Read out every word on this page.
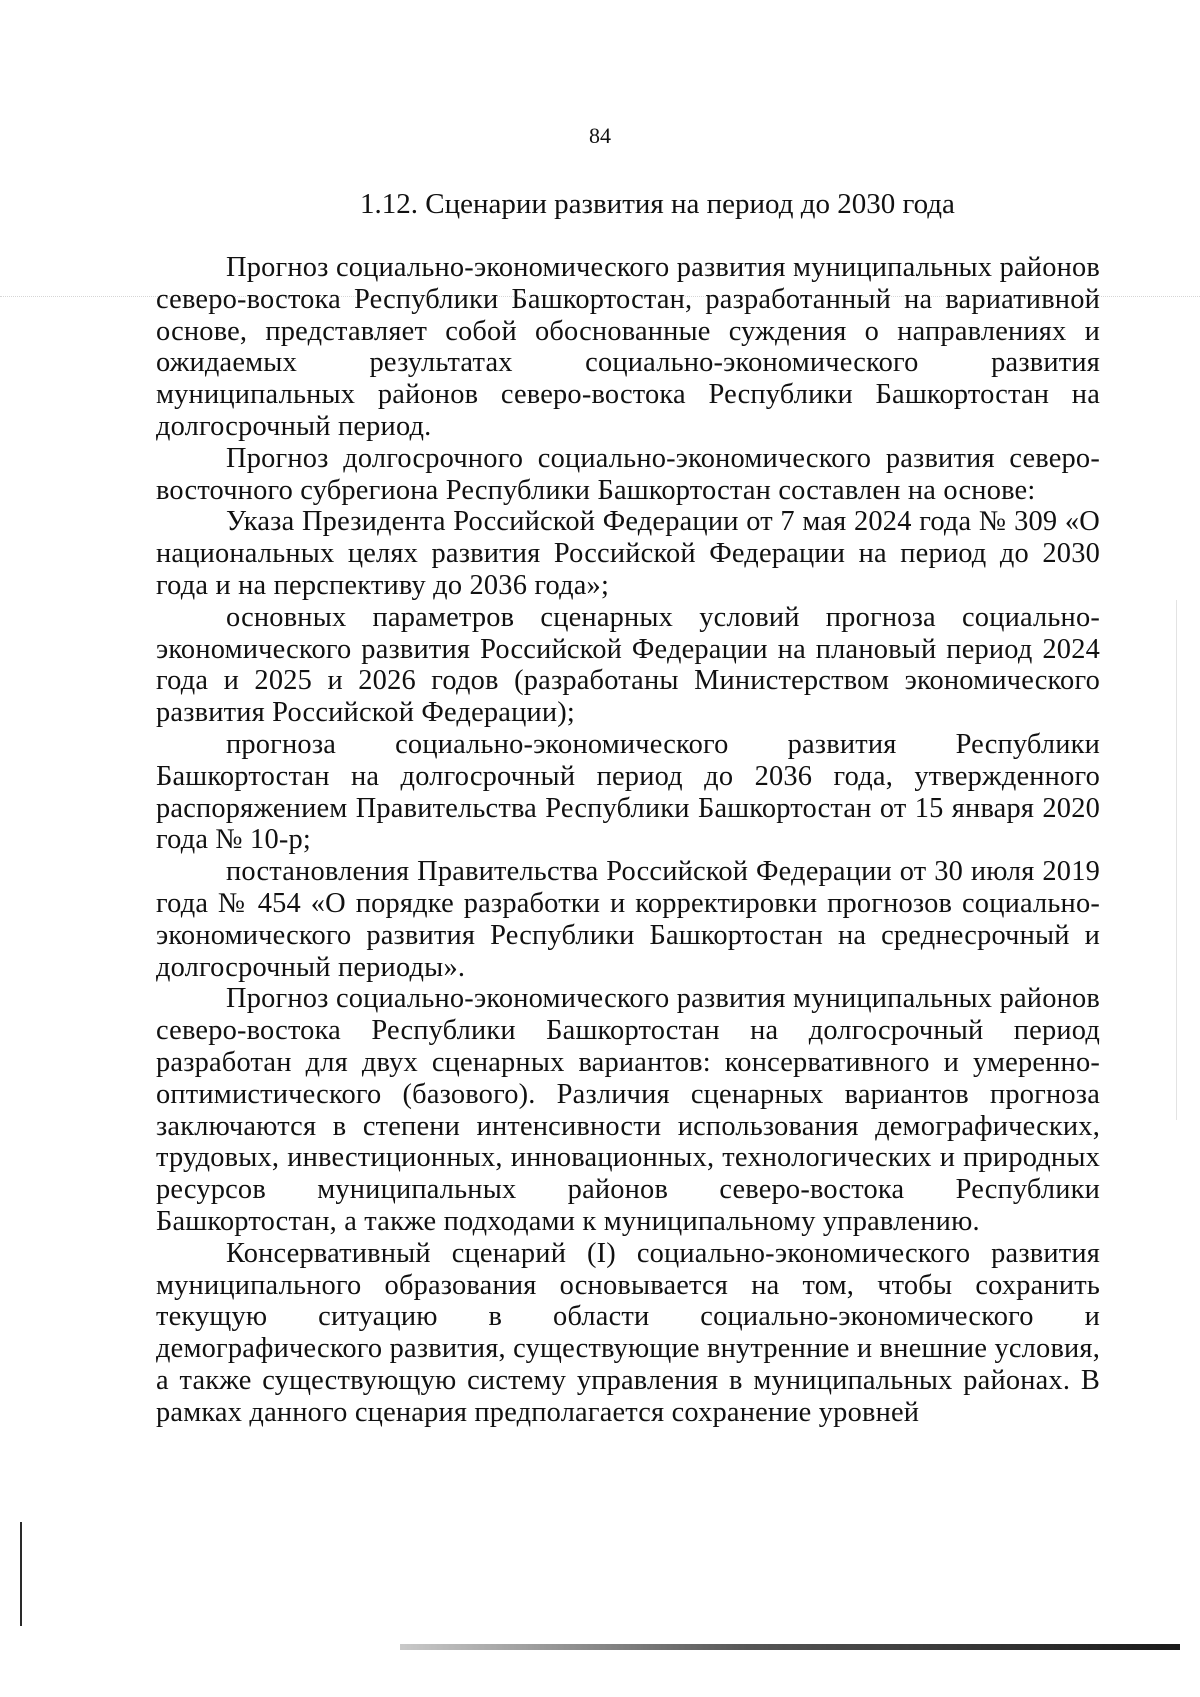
84
1.12. Сценарии развития на период до 2030 года

Прогноз социально-экономического развития муниципальных районов северо-востока Республики Башкортостан, разработанный на вариативной основе, представляет собой обоснованные суждения о направлениях и ожидаемых результатах социально-экономического развития муниципальных районов северо-востока Республики Башкортостан на долгосрочный период.

Прогноз долгосрочного социально-экономического развития северо-восточного субрегиона Республики Башкортостан составлен на основе:

Указа Президента Российской Федерации от 7 мая 2024 года № 309 «О национальных целях развития Российской Федерации на период до 2030 года и на перспективу до 2036 года»;

основных параметров сценарных условий прогноза социально-экономического развития Российской Федерации на плановый период 2024 года и 2025 и 2026 годов (разработаны Министерством экономического развития Российской Федерации);

прогноза социально-экономического развития Республики Башкортостан на долгосрочный период до 2036 года, утвержденного распоряжением Правительства Республики Башкортостан от 15 января 2020 года № 10-р;

постановления Правительства Российской Федерации от 30 июля 2019 года № 454 «О порядке разработки и корректировки прогнозов социально-экономического развития Республики Башкортостан на среднесрочный и долгосрочный периоды».

Прогноз социально-экономического развития муниципальных районов северо-востока Республики Башкортостан на долгосрочный период разработан для двух сценарных вариантов: консервативного и умеренно-оптимистического (базового). Различия сценарных вариантов прогноза заключаются в степени интенсивности использования демографических, трудовых, инвестиционных, инновационных, технологических и природных ресурсов муниципальных районов северо-востока Республики Башкортостан, а также подходами к муниципальному управлению.

Консервативный сценарий (I) социально-экономического развития муниципального образования основывается на том, чтобы сохранить текущую ситуацию в области социально-экономического и демографического развития, существующие внутренние и внешние условия, а также существующую систему управления в муниципальных районах. В рамках данного сценария предполагается сохранение уровней
